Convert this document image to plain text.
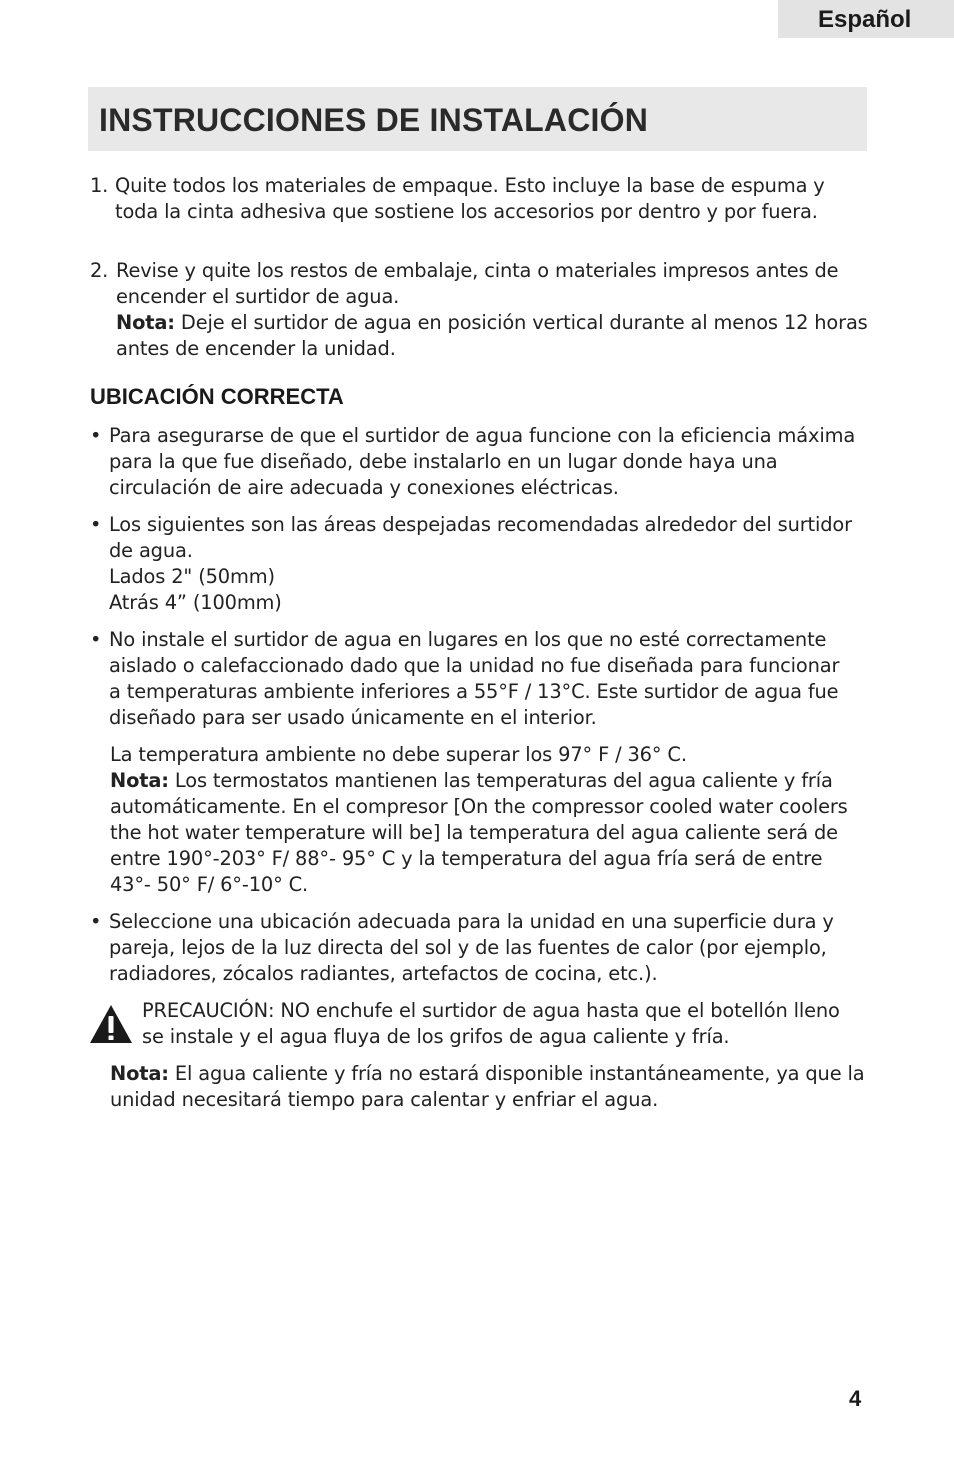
Español
INSTRUCCIONES DE INSTALACIÓN
1. Quite todos los materiales de empaque. Esto incluye la base de espuma y

toda la cinta adhesiva que sostiene los accesorios por dentro y por fuera.

2. Revise y quite los restos de embalaje, cinta o materiales impresos antes de

encender el surtidor de agua.

Nota: Deje el surtidor de agua en posición vertical durante al menos 12 horas

antes de encender la unidad.

UBICACIÓN CORRECTA
• Para asegurarse de que el surtidor de agua funcione con la eficiencia máxima

para la que fue diseñado, debe instalarlo en un lugar donde haya una

circulación de aire adecuada y conexiones eléctricas.

• Los siguientes son las áreas despejadas recomendadas alrededor del surtidor

de agua.

Lados 2" (50mm)

Atrás 4” (100mm)

• No instale el surtidor de agua en lugares en los que no esté correctamente

aislado o calefaccionado dado que la unidad no fue diseñada para funcionar

a temperaturas ambiente inferiores a 55°F / 13°C. Este surtidor de agua fue

diseñado para ser usado únicamente en el interior.

La temperatura ambiente no debe superar los 97° F / 36° C.

Nota: Los termostatos mantienen las temperaturas del agua caliente y fría

automáticamente. En el compresor [On the compressor cooled water coolers

the hot water temperature will be] la temperatura del agua caliente será de

entre 190°-203° F/ 88°- 95° C y la temperatura del agua fría será de entre

43°- 50° F/ 6°-10° C.

• Seleccione una ubicación adecuada para la unidad en una superficie dura y

pareja, lejos de la luz directa del sol y de las fuentes de calor (por ejemplo,

radiadores, zócalos radiantes, artefactos de cocina, etc.).

PRECAUCIÓN: NO enchufe el surtidor de agua hasta que el botellón lleno

se instale y el agua fluya de los grifos de agua caliente y fría.

Nota: El agua caliente y fría no estará disponible instantáneamente, ya que la

unidad necesitará tiempo para calentar y enfriar el agua.

4
